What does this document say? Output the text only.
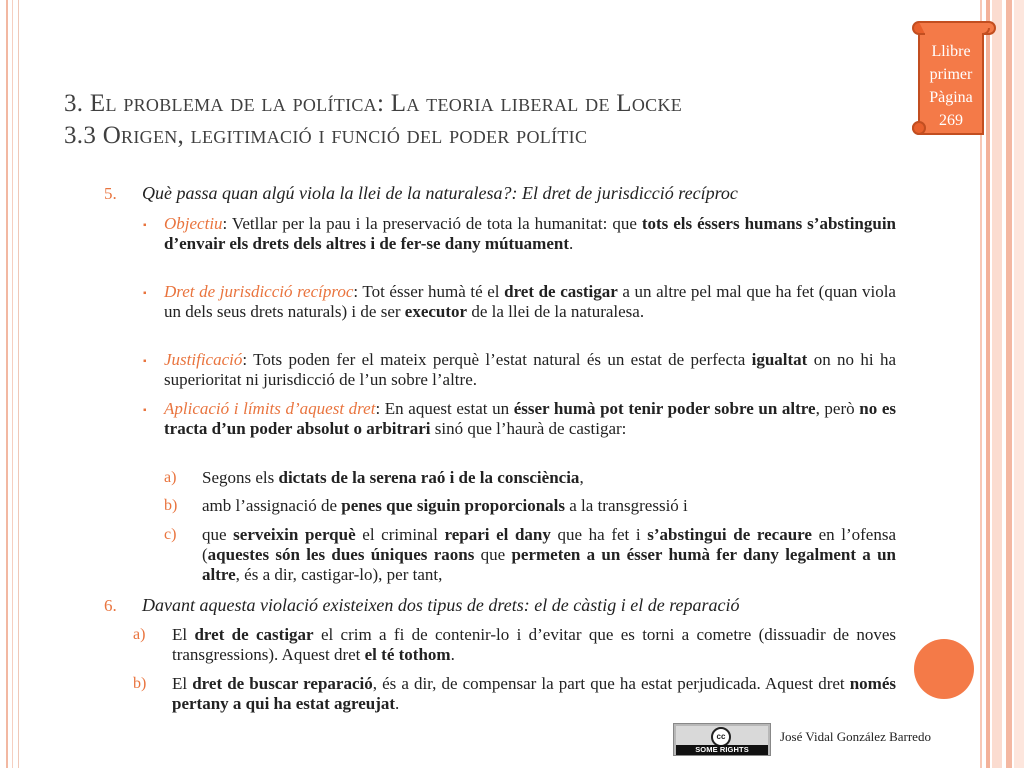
Llibre
primer
Pàgina
269
3. El problema de la política: La teoria liberal de Locke
3.3 Origen, legitimació i funció del poder polític
5. Què passa quan algú viola la llei de la naturalesa?: El dret de jurisdicció recíproc
▪ Objectiu: Vetllar per la pau i la preservació de tota la humanitat: que tots els éssers humans s’abstinguin d’envair els drets dels altres i de fer-se dany mútuament.
▪ Dret de jurisdicció recíproc: Tot ésser humà té el dret de castigar a un altre pel mal que ha fet (quan viola un dels seus drets naturals) i de ser executor de la llei de la naturalesa.
▪ Justificació: Tots poden fer el mateix perquè l’estat natural és un estat de perfecta igualtat on no hi ha superioritat ni jurisdicció de l’un sobre l’altre.
▪ Aplicació i límits d’aquest dret: En aquest estat un ésser humà pot tenir poder sobre un altre, però no es tracta d’un poder absolut o arbitrari sinó que l’haurà de castigar:
a) Segons els dictats de la serena raó i de la consciència,
b) amb l’assignació de penes que siguin proporcionals a la transgressió i
c) que serveixin perquè el criminal repari el dany que ha fet i s’abstingui de recaure en l’ofensa (aquestes són les dues úniques raons que permeten a un ésser humà fer dany legalment a un altre, és a dir, castigar-lo), per tant,
6. Davant aquesta violació existeixen dos tipus de drets: el de càstig i el de reparació
a) El dret de castigar el crim a fi de contenir-lo i d’evitar que es torni a cometre (dissuadir de noves transgressions). Aquest dret el té tothom.
b) El dret de buscar reparació, és a dir, de compensar la part que ha estat perjudicada. Aquest dret només pertany a qui ha estat agreujat.
cc
SOME RIGHTS RESERVED
José Vidal González Barredo
